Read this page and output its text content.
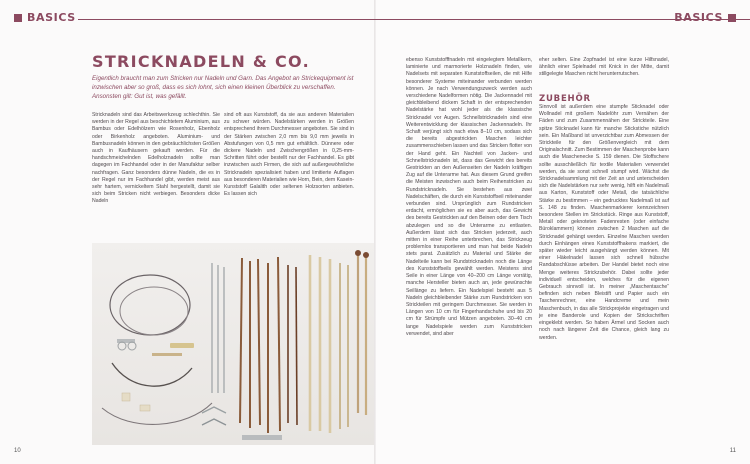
BASICS	BASICS
STRICKNADELN & CO.

Eigentlich braucht man zum Stricken nur Nadeln und Garn. Das Angebot an Strickequipment ist inzwischen aber so groß, dass es sich lohnt, sich einen kleinen Überblick zu verschaffen. Ansonsten gilt: Gut ist, was gefällt.

Stricknadeln sind das Arbeitswerkzeug schlechthin. Sie werden in der Regel aus beschichtetem Aluminium, aus Bambus oder Edelhölzern wie Rosenholz, Ebenholz oder Birkenholz angeboten. Aluminium- und Bambusnadeln können in den gebräuchlichsten Größen auch in Kaufhäusern gekauft werden. Für die handschmeichelnden Edelholznadeln sollte man dagegen im Fachhandel oder in der Manufaktur selber nachfragen. Ganz besonders dünne Nadeln, die es in der Regel nur im Fachhandel gibt, werden meist aus sehr hartem, vernickeltem Stahl hergestellt, damit sie sich beim Stricken nicht verbiegen. Besonders dicke Nadeln

sind oft aus Kunststoff, da sie aus anderen Materialien zu schwer würden. Nadelstärken werden in Größen entsprechend ihrem Durchmesser angeboten. Sie sind in der Stärken zwischen 2,0 mm bis 9,0 mm jeweils in Abstufungen von 0,5 mm gut erhältlich. Dünnere oder dickere Nadeln und Zwischengrößen in 0,25-mm-Schritten führt oder bestellt nur der Fachhandel. Es gibt inzwischen auch Firmen, die sich auf außergewöhnliche Stricknadeln spezialisiert haben und limitierte Auflagen aus besonderen Materialien wie Horn, Bein, dem Kasein-Kunststoff Galalith oder seltenen Holzsorten anbieten. Es lassen sich

10

ebenso Kunststofffnadeln mit eingelegtem Metallkern, laminierte und marmorierte Holznadeln finden, wie Nadelsets mit separaten Kunststoffseilen, die mit Hilfe besonderer Systeme miteinander verbunden werden können. Je nach Verwendungszweck werden auch verschiedene Nadelformen nötig. Die Jackennadel mit gleichbleibend dickem Schaft in der entsprechenden Nadelstärke hat wohl jeder als die klassische Stricknadel vor Augen. Schnellstricknadeln sind eine Weiterentwicklung der klassischen Jackennadeln. Ihr Schaft verjüngt sich nach etwa 8–10 cm, sodass sich die bereits abgestrickten Maschen leichter zusammenschieben lassen und das Stricken flotter von der Hand geht. Ein Nachteil von Jacken- und Schnellstricknadeln ist, dass das Gewicht des bereits Gestrickten an den Außenseiten der Nadeln kräftigen Zug auf die Unterarme hat. Aus diesem Grund greifen die Meisten inzwischen auch beim Reihenstricken zu Rundstricknadeln. Sie bestehen aus zwei Nadelschäften, die durch ein Kunststoffseil miteinander verbunden sind. Ursprünglich zum Rundstricken erdacht, ermöglichen sie es aber auch, das Gewicht des bereits Gestrickten auf den Beinen oder dem Tisch abzulegen und so die Unterarme zu entlasten. Außerdem lässt sich das Stricken jederzeit, auch mitten in einer Reihe unterbrechen, das Strickzeug problemlos transportieren und man hat beide Nadeln stets parat. Zusätzlich zu Material und Stärke der Nadelteile kann bei Rundstricknadeln noch die Länge des Kunststoffseils gewählt werden. Meistens sind Seile in einer Länge von 40–200 cm Länge vorrätig, manche Hersteller bieten auch an, jede gewünschte Seillänge zu liefern. Ein Nadelspiel besteht aus 5 Nadeln gleichbleibender Stärke zum Rundstricken von Strickteilen mit geringem Durchmesser. Sie werden in Längen von 10 cm für Fingerhandschuhe und bis 20 cm für Strümpfe und Mützen angeboten. 30–40 cm lange Nadelspiele werden zum Kunststricken verwendet, sind aber

eher selten. Eine Zopfnadel ist eine kurze Hilfsnadel, ähnlich einer Spielnadel mit Knick in der Mitte, damit stillgelegte Maschen nicht herunterrutschen.

ZUBEHÖR

Sinnvoll ist außerdem eine stumpfe Sticknadel oder Wollnadel mit großem Nadelöhr zum Vernähen der Fäden und zum Zusammennähen der Strickteile. Eine spitze Sticknadel kann für manche Stickstiche nützlich sein. Ein Maßband ist unverzichtbar zum Abmessen der Strickteile für den Größenvergleich mit dem Originalschnitt. Zum Bestimmen der Maschenprobe kann auch die Maschenecke S. 159 dienen. Die Stoffschere sollte ausschließlich für textile Materialien verwendet werden, da sie sonst schnell stumpf wird. Wächst die Stricknadelsammlung mit der Zeit an und unterscheiden sich die Nadelstärken nur sehr wenig, hilft ein Nadelmaß aus Karton, Kunststoff oder Metall, die tatsächliche Stärke zu bestimmen – ein gedrucktes Nadelmaß ist auf S. 148 zu finden. Maschenmarkierer kennzeichnen besondere Stellen im Strickstück. Ringe aus Kunststoff, Metall oder geknoteten Fadenresten (oder einfache Büroklammern) können zwischen 2 Maschen auf die Stricknadel gehängt werden. Einzelne Maschen werden durch Einhängen eines Kunststoffhakens markiert, die später wieder leicht ausgehängt werden können. Mit einer Häkelnadel lassen sich schnell hübsche Randabschlüsse arbeiten. Der Handel bietet noch eine Menge weiteres Strickzubehör. Dabei sollte jeder individuell entscheiden, welches für die eigenen Gebrauch sinnvoll ist. In meiner „Maschentasche“ befinden sich neben Bleistift und Papier auch ein Taschenrechner, eine Handcreme und mein Maschenbuch, in das alle Strickprojekte eingetragen und je eine Banderole und Kopien der Strickschriften eingeklebt werden. So haben Ärmel und Socken auch noch nach längerer Zeit die Chance, gleich lang zu werden.

11
